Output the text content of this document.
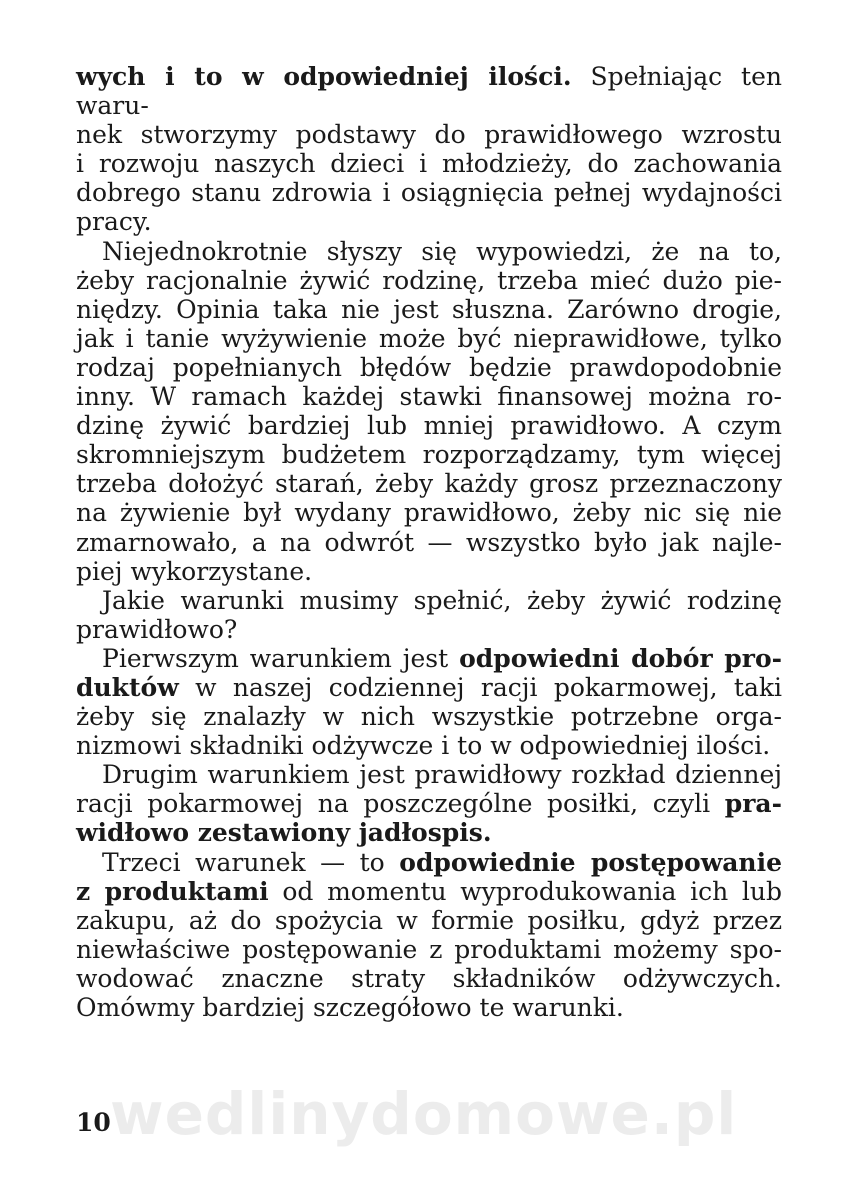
wedlinydomowe.pl
wych i to w odpowiedniej ilości. Spełniając ten waru-
nek stworzymy podstawy do prawidłowego wzrostu
i rozwoju naszych dzieci i młodzieży, do zachowania
dobrego stanu zdrowia i osiągnięcia pełnej wydajności
pracy.
Niejednokrotnie słyszy się wypowiedzi, że na to,
żeby racjonalnie żywić rodzinę, trzeba mieć dużo pie-
niędzy. Opinia taka nie jest słuszna. Zarówno drogie,
jak i tanie wyżywienie może być nieprawidłowe, tylko
rodzaj popełnianych błędów będzie prawdopodobnie
inny. W ramach każdej stawki finansowej można ro-
dzinę żywić bardziej lub mniej prawidłowo. A czym
skromniejszym budżetem rozporządzamy, tym więcej
trzeba dołożyć starań, żeby każdy grosz przeznaczony
na żywienie był wydany prawidłowo, żeby nic się nie
zmarnowało, a na odwrót — wszystko było jak najle-
piej wykorzystane.
Jakie warunki musimy spełnić, żeby żywić rodzinę
prawidłowo?
Pierwszym warunkiem jest odpowiedni dobór pro-
duktów w naszej codziennej racji pokarmowej, taki
żeby się znalazły w nich wszystkie potrzebne orga-
nizmowi składniki odżywcze i to w odpowiedniej ilości.
Drugim warunkiem jest prawidłowy rozkład dziennej
racji pokarmowej na poszczególne posiłki, czyli pra-
widłowo zestawiony jadłospis.
Trzeci warunek — to odpowiednie postępowanie
z produktami od momentu wyprodukowania ich lub
zakupu, aż do spożycia w formie posiłku, gdyż przez
niewłaściwe postępowanie z produktami możemy spo-
wodować znaczne straty składników odżywczych.
Omówmy bardziej szczegółowo te warunki.
10
